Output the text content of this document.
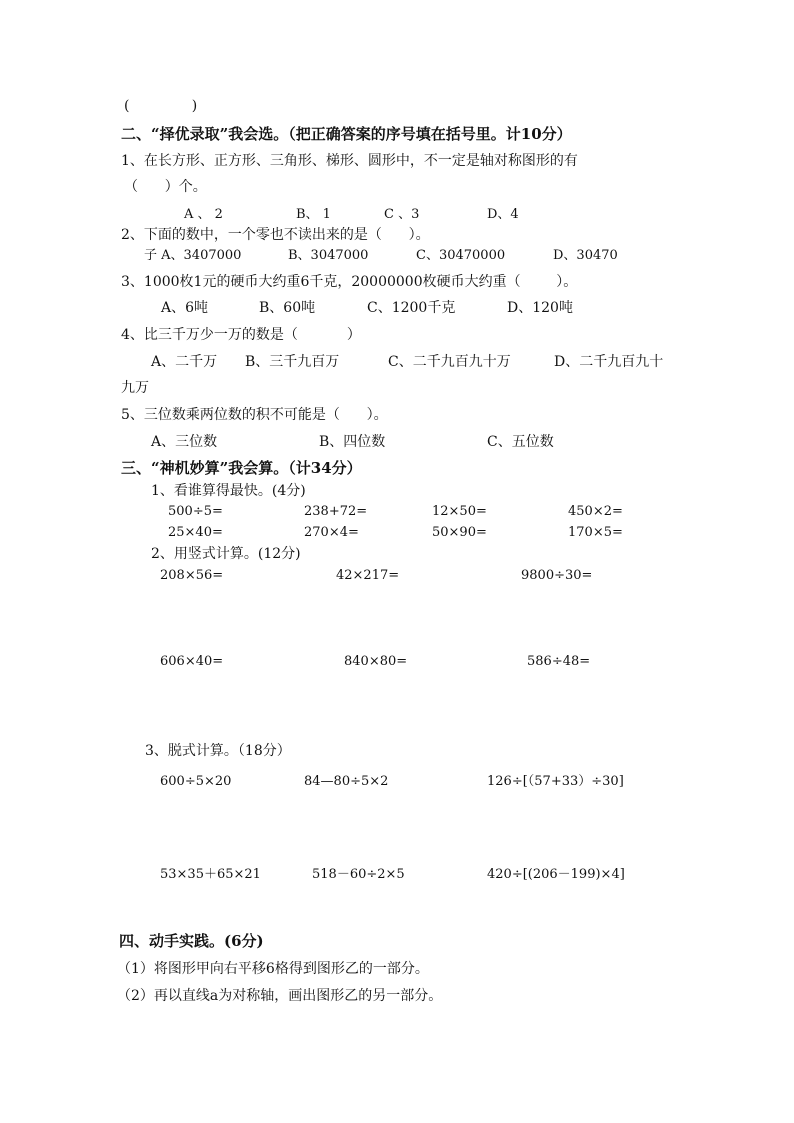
(              )
二、“择优录取”我会选。（把正确答案的序号填在括号里。计10分）
1、在长方形、正方形、三角形、梯形、圆形中，不一定是轴对称图形的有
（      ）个。
A 、 2	B、 1	C 、3	D、4
2、下面的数中，一个零也不读出来的是（      ）。
子 A、3407000	B、3047000	C、30470000	D、30470
3、1000枚1元的硬币大约重6千克，20000000枚硬币大约重（        ）。
A、6吨	B、60吨	C、1200千克	D、120吨
4、比三千万少一万的数是（           ）
A、二千万 B、三千九百万	C、二千九百九十万	D、二千九百九十
九万
5、三位数乘两位数的积不可能是（      ）。
A、三位数	B、四位数	C、五位数
三、“神机妙算”我会算。（计34分）
1、看谁算得最快。(4分)
500÷5=	238+72=	12×50=	450×2=
25×40=	270×4=	50×90=	170×5=
2、用竖式计算。(12分)
208×56=	42×217=	9800÷30=
606×40=	840×80=	586÷48=
3、脱式计算。（18分）
600÷5×20	84—80÷5×2	126÷[（57+33）÷30]
53×35＋65×21	518－60÷2×5	420÷[(206－199)×4]
四、动手实践。(6分)
（1）将图形甲向右平移6格得到图形乙的一部分。
（2）再以直线a为对称轴，画出图形乙的另一部分。
